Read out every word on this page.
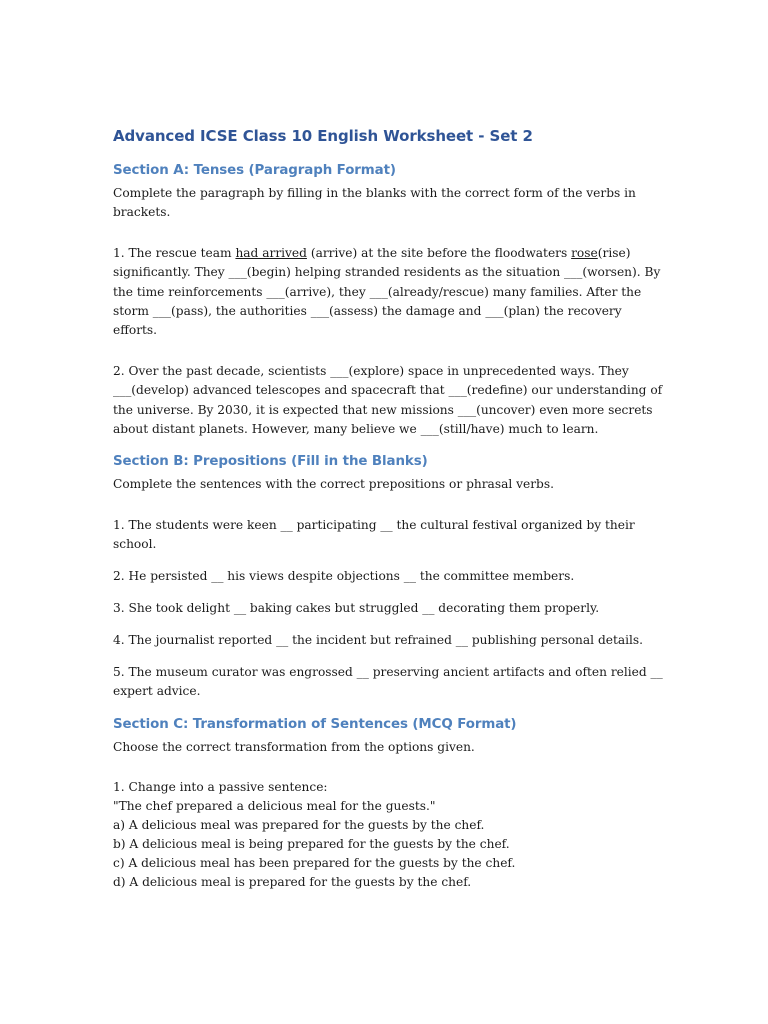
Advanced ICSE Class 10 English Worksheet - Set 2
Section A: Tenses (Paragraph Format)

Complete the paragraph by filling in the blanks with the correct form of the verbs in brackets.

1. The rescue team had arrived (arrive) at the site before the floodwaters rose(rise) significantly. They ___(begin) helping stranded residents as the situation ___(worsen). By the time reinforcements ___(arrive), they ___(already/rescue) many families. After the storm ___(pass), the authorities ___(assess) the damage and ___(plan) the recovery efforts.

2. Over the past decade, scientists ___(explore) space in unprecedented ways. They ___(develop) advanced telescopes and spacecraft that ___(redefine) our understanding of the universe. By 2030, it is expected that new missions ___(uncover) even more secrets about distant planets. However, many believe we ___(still/have) much to learn.

Section B: Prepositions (Fill in the Blanks)

Complete the sentences with the correct prepositions or phrasal verbs.

1. The students were keen __ participating __ the cultural festival organized by their school.

2. He persisted __ his views despite objections __ the committee members.

3. She took delight __ baking cakes but struggled __ decorating them properly.

4. The journalist reported __ the incident but refrained __ publishing personal details.

5. The museum curator was engrossed __ preserving ancient artifacts and often relied __ expert advice.

Section C: Transformation of Sentences (MCQ Format)

Choose the correct transformation from the options given.

1. Change into a passive sentence:

"The chef prepared a delicious meal for the guests."

a) A delicious meal was prepared for the guests by the chef.

b) A delicious meal is being prepared for the guests by the chef.

c) A delicious meal has been prepared for the guests by the chef.

d) A delicious meal is prepared for the guests by the chef.
